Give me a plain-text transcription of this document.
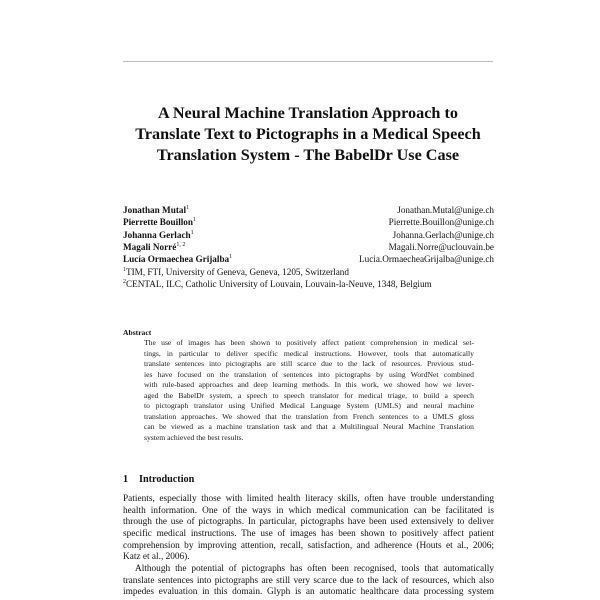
A Neural Machine Translation Approach to
Translate Text to Pictographs in a Medical Speech
Translation System - The BabelDr Use Case
Jonathan Mutal$^1$	Jonathan.Mutal@unige.ch
Pierrette Bouillon$^1$	Pierrette.Bouillon@unige.ch
Johanna Gerlach$^1$	Johanna.Gerlach@unige.ch
Magali Norré$^{1, 2}$	Magali.Norre@uclouvain.be
Lucía Ormaechea Grijalba$^1$	Lucia.OrmaecheaGrijalba@unige.ch
$^1$TIM, FTI, University of Geneva, Geneva, 1205, Switzerland
$^2$CENTAL, ILC, Catholic University of Louvain, Louvain-la-Neuve, 1348, Belgium
Abstract
The use of images has been shown to positively affect patient comprehension in medical set-
tings, in particular to deliver specific medical instructions. However, tools that automatically
translate sentences into pictographs are still scarce due to the lack of resources. Previous stud-
ies have focused on the translation of sentences into pictographs by using WordNet combined
with rule-based approaches and deep learning methods. In this work, we showed how we lever-
aged the BabelDr system, a speech to speech translator for medical triage, to build a speech
to pictograph translator using Unified Medical Language System (UMLS) and neural machine
translation approaches. We showed that the translation from French sentences to a UMLS gloss
can be viewed as a machine translation task and that a Multilingual Neural Machine Translation
system achieved the best results.
1 Introduction
Patients, especially those with limited health literacy skills, often have trouble understanding
health information. One of the ways in which medical communication can be facilitated is
through the use of pictographs. In particular, pictographs have been used extensively to deliver
specific medical instructions. The use of images has been shown to positively affect patient
comprehension by improving attention, recall, satisfaction, and adherence (Houts et al., 2006;
Katz et al., 2006).
Although the potential of pictographs has often been recognised, tools that automatically
translate sentences into pictographs are still very scarce due to the lack of resources, which also
impedes evaluation in this domain. Glyph is an automatic healthcare data processing system
